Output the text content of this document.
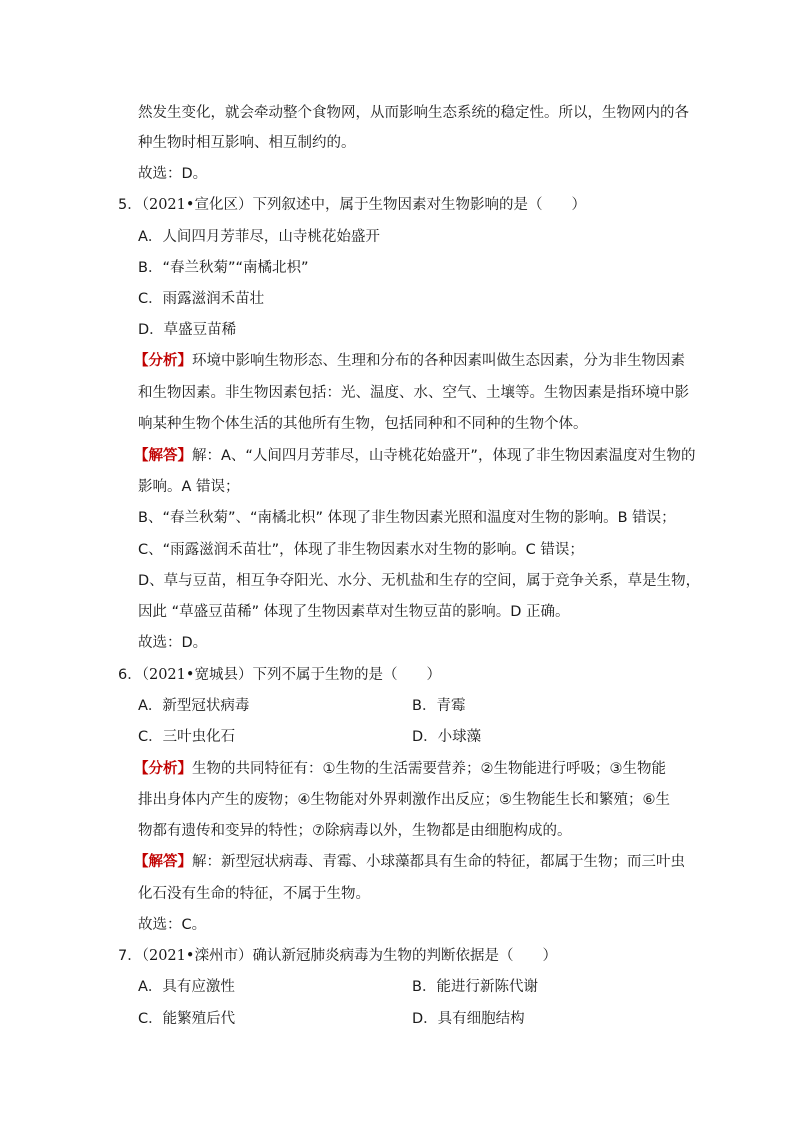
然发生变化，就会牵动整个食物网，从而影响生态系统的稳定性。所以，生物网内的各
种生物时相互影响、相互制约的。
故选：D。
5．（2021•宣化区）下列叙述中，属于生物因素对生物影响的是（　　）
A．人间四月芳菲尽，山寺桃花始盛开
B．“春兰秋菊”“南橘北枳”
C．雨露滋润禾苗壮
D．草盛豆苗稀
【分析】环境中影响生物形态、生理和分布的各种因素叫做生态因素，分为非生物因素
和生物因素。非生物因素包括：光、温度、水、空气、土壤等。生物因素是指环境中影
响某种生物个体生活的其他所有生物，包括同种和不同种的生物个体。
【解答】解：A、“人间四月芳菲尽，山寺桃花始盛开”，体现了非生物因素温度对生物的
影响。A 错误；
B、“春兰秋菊”、“南橘北枳” 体现了非生物因素光照和温度对生物的影响。B 错误；
C、“雨露滋润禾苗壮”，体现了非生物因素水对生物的影响。C 错误；
D、草与豆苗，相互争夺阳光、水分、无机盐和生存的空间，属于竞争关系，草是生物，
因此 “草盛豆苗稀” 体现了生物因素草对生物豆苗的影响。D 正确。
故选：D。
6．（2021•宽城县）下列不属于生物的是（　　）
A．新型冠状病毒	B．青霉
C．三叶虫化石	D．小球藻
【分析】生物的共同特征有：①生物的生活需要营养；②生物能进行呼吸；③生物能
排出身体内产生的废物；④生物能对外界刺激作出反应；⑤生物能生长和繁殖；⑥生
物都有遗传和变异的特性；⑦除病毒以外，生物都是由细胞构成的。
【解答】解：新型冠状病毒、青霉、小球藻都具有生命的特征，都属于生物；而三叶虫
化石没有生命的特征，不属于生物。
故选：C。
7．（2021•滦州市）确认新冠肺炎病毒为生物的判断依据是（　　）
A．具有应激性	B．能进行新陈代谢
C．能繁殖后代	D．具有细胞结构
